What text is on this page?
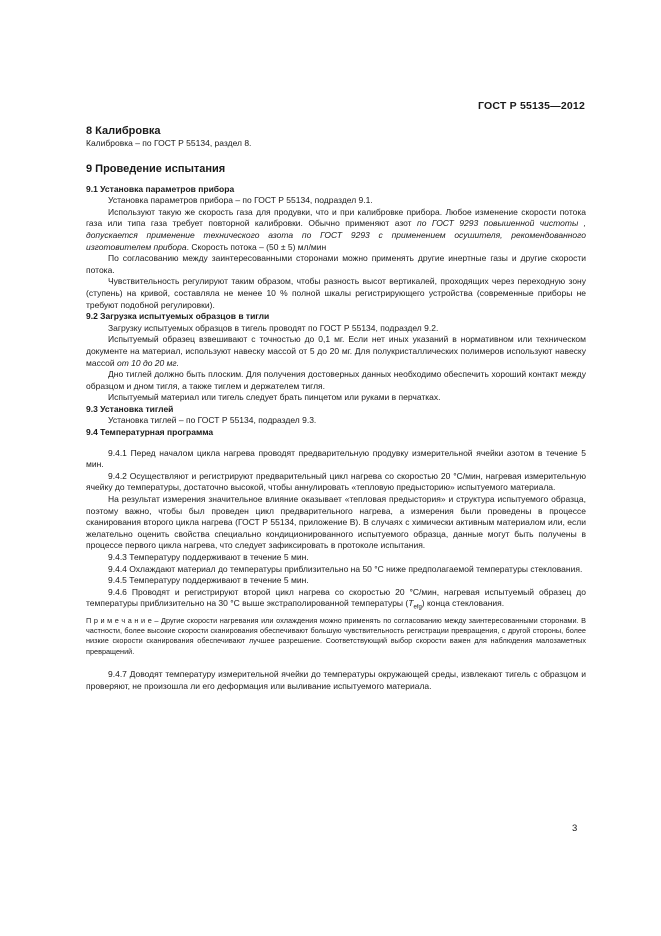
ГОСТ Р 55135—2012
8 Калибровка

Калибровка – по ГОСТ Р 55134, раздел 8.

9 Проведение испытания
9.1 Установка параметров прибора

Установка параметров прибора – по ГОСТ Р 55134, подраздел 9.1.

Используют такую же скорость газа для продувки, что и при калибровке прибора. Любое изменение скорости потока газа или типа газа требует повторной калибровки. Обычно применяют азот по ГОСТ 9293 повышенной чистоты , допускается применение технического азота по ГОСТ 9293 с применением осушителя, рекомендованного изготовителем прибора. Скорость потока – (50 ± 5) мл/мин

По согласованию между заинтересованными сторонами можно применять другие инертные газы и другие скорости потока.

Чувствительность регулируют таким образом, чтобы разность высот вертикалей, проходящих через переходную зону (ступень) на кривой, составляла не менее 10 % полной шкалы регистрирующего устройства (современные приборы не требуют подобной регулировки).

9.2 Загрузка испытуемых образцов в тигли

Загрузку испытуемых образцов в тигель проводят по ГОСТ Р 55134, подраздел 9.2.

Испытуемый образец взвешивают с точностью до 0,1 мг. Если нет иных указаний в нормативном или техническом документе на материал, используют навеску массой от 5 до 20 мг. Для полукристаллических полимеров используют навеску массой от 10 до 20 мг.

Дно тиглей должно быть плоским. Для получения достоверных данных необходимо обеспечить хороший контакт между образцом и дном тигля, а также тиглем и держателем тигля.

Испытуемый материал или тигель следует брать пинцетом или руками в перчатках.

9.3 Установка тиглей

Установка тиглей – по ГОСТ Р 55134, подраздел 9.3.

9.4 Температурная программа

9.4.1 Перед началом цикла нагрева проводят предварительную продувку измерительной ячейки азотом в течение 5 мин.

9.4.2 Осуществляют и регистрируют предварительный цикл нагрева со скоростью 20 °С/мин, нагревая измерительную ячейку до температуры, достаточно высокой, чтобы аннулировать «тепловую предысторию» испытуемого материала.

На результат измерения значительное влияние оказывает «тепловая предыстория» и структура испытуемого образца, поэтому важно, чтобы был проведен цикл предварительного нагрева, а измерения были проведены в процессе сканирования второго цикла нагрева (ГОСТ Р 55134, приложение В). В случаях с химически активным материалом или, если желательно оценить свойства специально кондиционированного испытуемого образца, данные могут быть получены в процессе первого цикла нагрева, что следует зафиксировать в протоколе испытания.

9.4.3 Температуру поддерживают в течение 5 мин.

9.4.4 Охлаждают материал до температуры приблизительно на 50 °С ниже предполагаемой температуры стеклования.

9.4.5 Температуру поддерживают в течение 5 мин.

9.4.6 Проводят и регистрируют второй цикл нагрева со скоростью 20 °С/мин, нагревая испытуемый образец до температуры приблизительно на 30 °С выше экстраполированной температуры $(T_{efg})$ конца стеклования.

П р и м е ч а н и е – Другие скорости нагревания или охлаждения можно применять по согласованию между заинтересованными сторонами. В частности, более высокие скорости сканирования обеспечивают большую чувствительность регистрации превращения, с другой стороны, более низкие скорости сканирования обеспечивают лучшее разрешение. Соответствующий выбор скорости важен для наблюдения малозаметных превращений.

9.4.7 Доводят температуру измерительной ячейки до температуры окружающей среды, извлекают тигель с образцом и проверяют, не произошла ли его деформация или выливание испытуемого материала.

3
